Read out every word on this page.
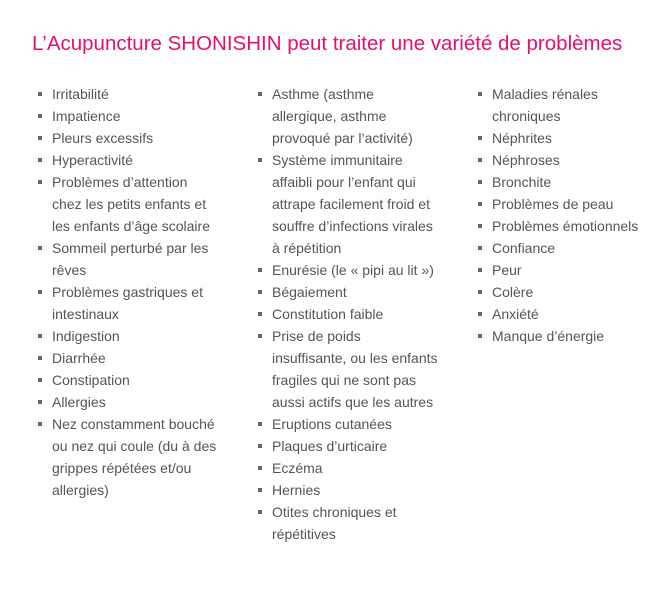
L’Acupuncture SHONISHIN peut traiter une variété de problèmes
Irritabilité
Impatience
Pleurs excessifs
Hyperactivité
Problèmes d’attention chez les petits enfants et les enfants d’âge scolaire
Sommeil perturbé par les rêves
Problèmes gastriques et intestinaux
Indigestion
Diarrhée
Constipation
Allergies
Nez constamment bouché ou nez qui coule (du à des grippes répétées et/ou allergies)
Asthme (asthme allergique, asthme provoqué par l’activité)
Système immunitaire affaibli pour l’enfant qui attrape facilement froid et souffre d’infections virales à répétition
Enurésie (le « pipi au lit »)
Bégaiement
Constitution faible
Prise de poids insuffisante, ou les enfants fragiles qui ne sont pas aussi actifs que les autres
Eruptions cutanées
Plaques d’urticaire
Eczéma
Hernies
Otites chroniques et répétitives
Maladies rénales chroniques
Néphrites
Néphroses
Bronchite
Problèmes de peau
Problèmes émotionnels
Confiance
Peur
Colère
Anxiété
Manque d’énergie
